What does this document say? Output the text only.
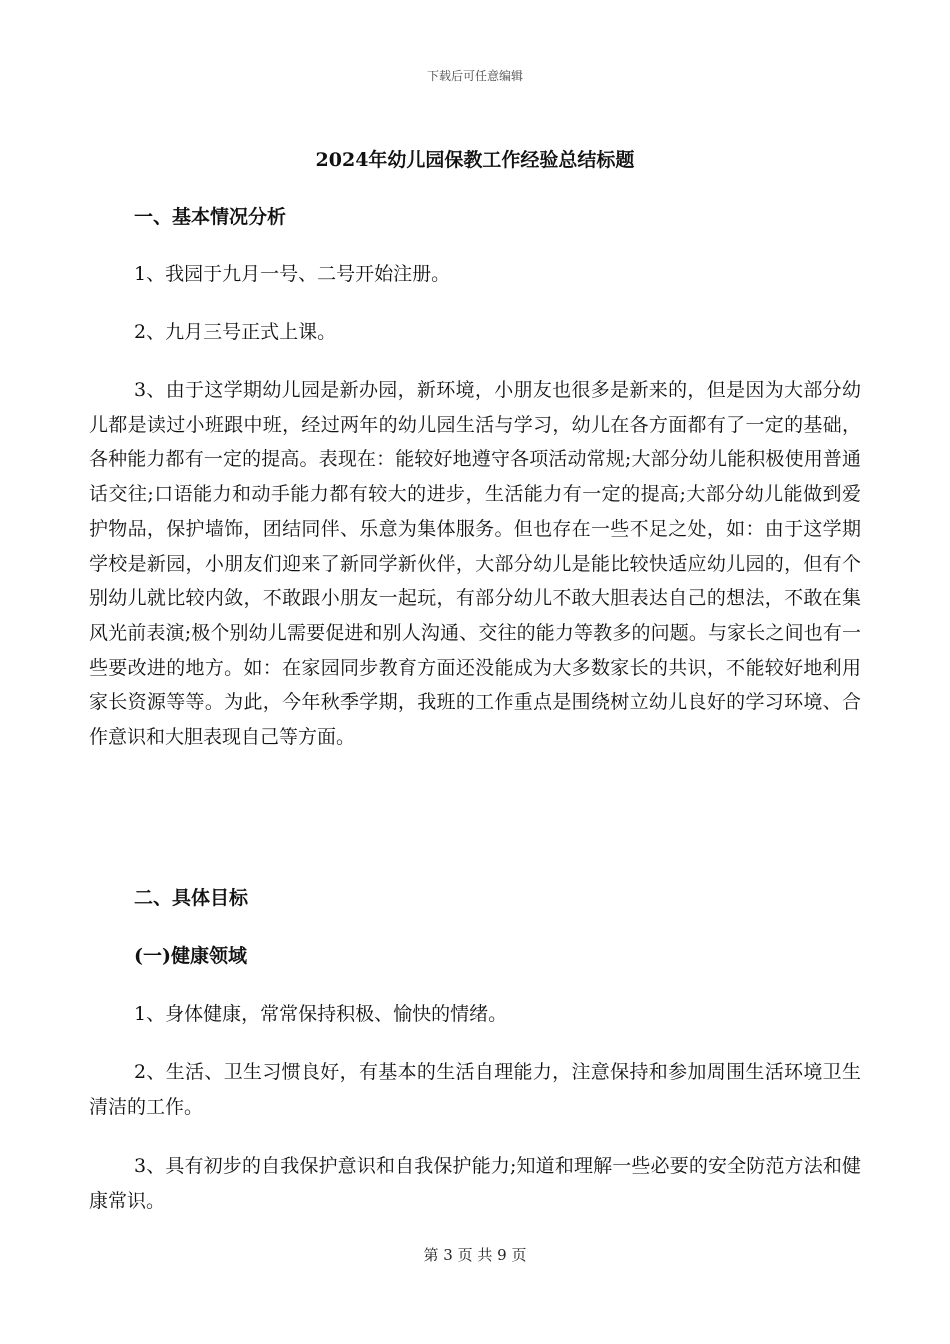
下载后可任意编辑
2024年幼儿园保教工作经验总结标题
一、基本情况分析

1、我园于九月一号、二号开始注册。

2、九月三号正式上课。

3、由于这学期幼儿园是新办园，新环境，小朋友也很多是新来的，但是因为大部分幼儿都是读过小班跟中班，经过两年的幼儿园生活与学习，幼儿在各方面都有了一定的基础，各种能力都有一定的提高。表现在：能较好地遵守各项活动常规;大部分幼儿能积极使用普通话交往;口语能力和动手能力都有较大的进步，生活能力有一定的提高;大部分幼儿能做到爱护物品，保护墙饰，团结同伴、乐意为集体服务。但也存在一些不足之处，如：由于这学期学校是新园，小朋友们迎来了新同学新伙伴，大部分幼儿是能比较快适应幼儿园的，但有个别幼儿就比较内敛，不敢跟小朋友一起玩，有部分幼儿不敢大胆表达自己的想法，不敢在集风光前表演;极个别幼儿需要促进和别人沟通、交往的能力等教多的问题。与家长之间也有一些要改进的地方。如：在家园同步教育方面还没能成为大多数家长的共识，不能较好地利用家长资源等等。为此，今年秋季学期，我班的工作重点是围绕树立幼儿良好的学习环境、合作意识和大胆表现自己等方面。

二、具体目标
(一)健康领域

1、身体健康，常常保持积极、愉快的情绪。

2、生活、卫生习惯良好，有基本的生活自理能力，注意保持和参加周围生活环境卫生清洁的工作。

3、具有初步的自我保护意识和自我保护能力;知道和理解一些必要的安全防范方法和健康常识。

第 3 页 共 9 页
